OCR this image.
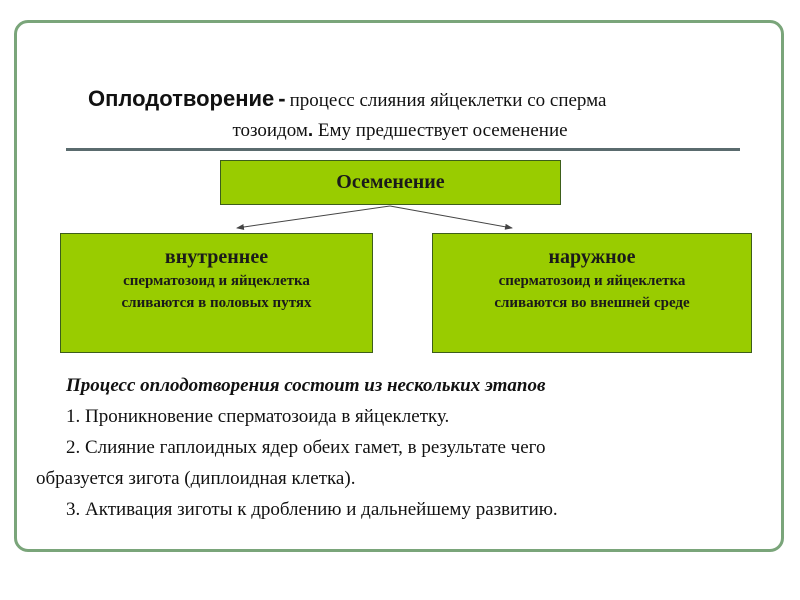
Оплодотворение - процесс слияния яйцеклетки со сперма
тозоидом. Ему предшествует осеменение
Осеменение
внутреннее
сперматозоид и яйцеклетка
сливаются в половых путях
наружное
сперматозоид и яйцеклетка
сливаются во внешней среде
Процесс оплодотворения состоит из нескольких этапов
1. Проникновение сперматозоида в яйцеклетку.
2. Слияние гаплоидных ядер обеих гамет, в результате чего
образуется зигота (диплоидная клетка).
3. Активация зиготы к дроблению и дальнейшему развитию.
